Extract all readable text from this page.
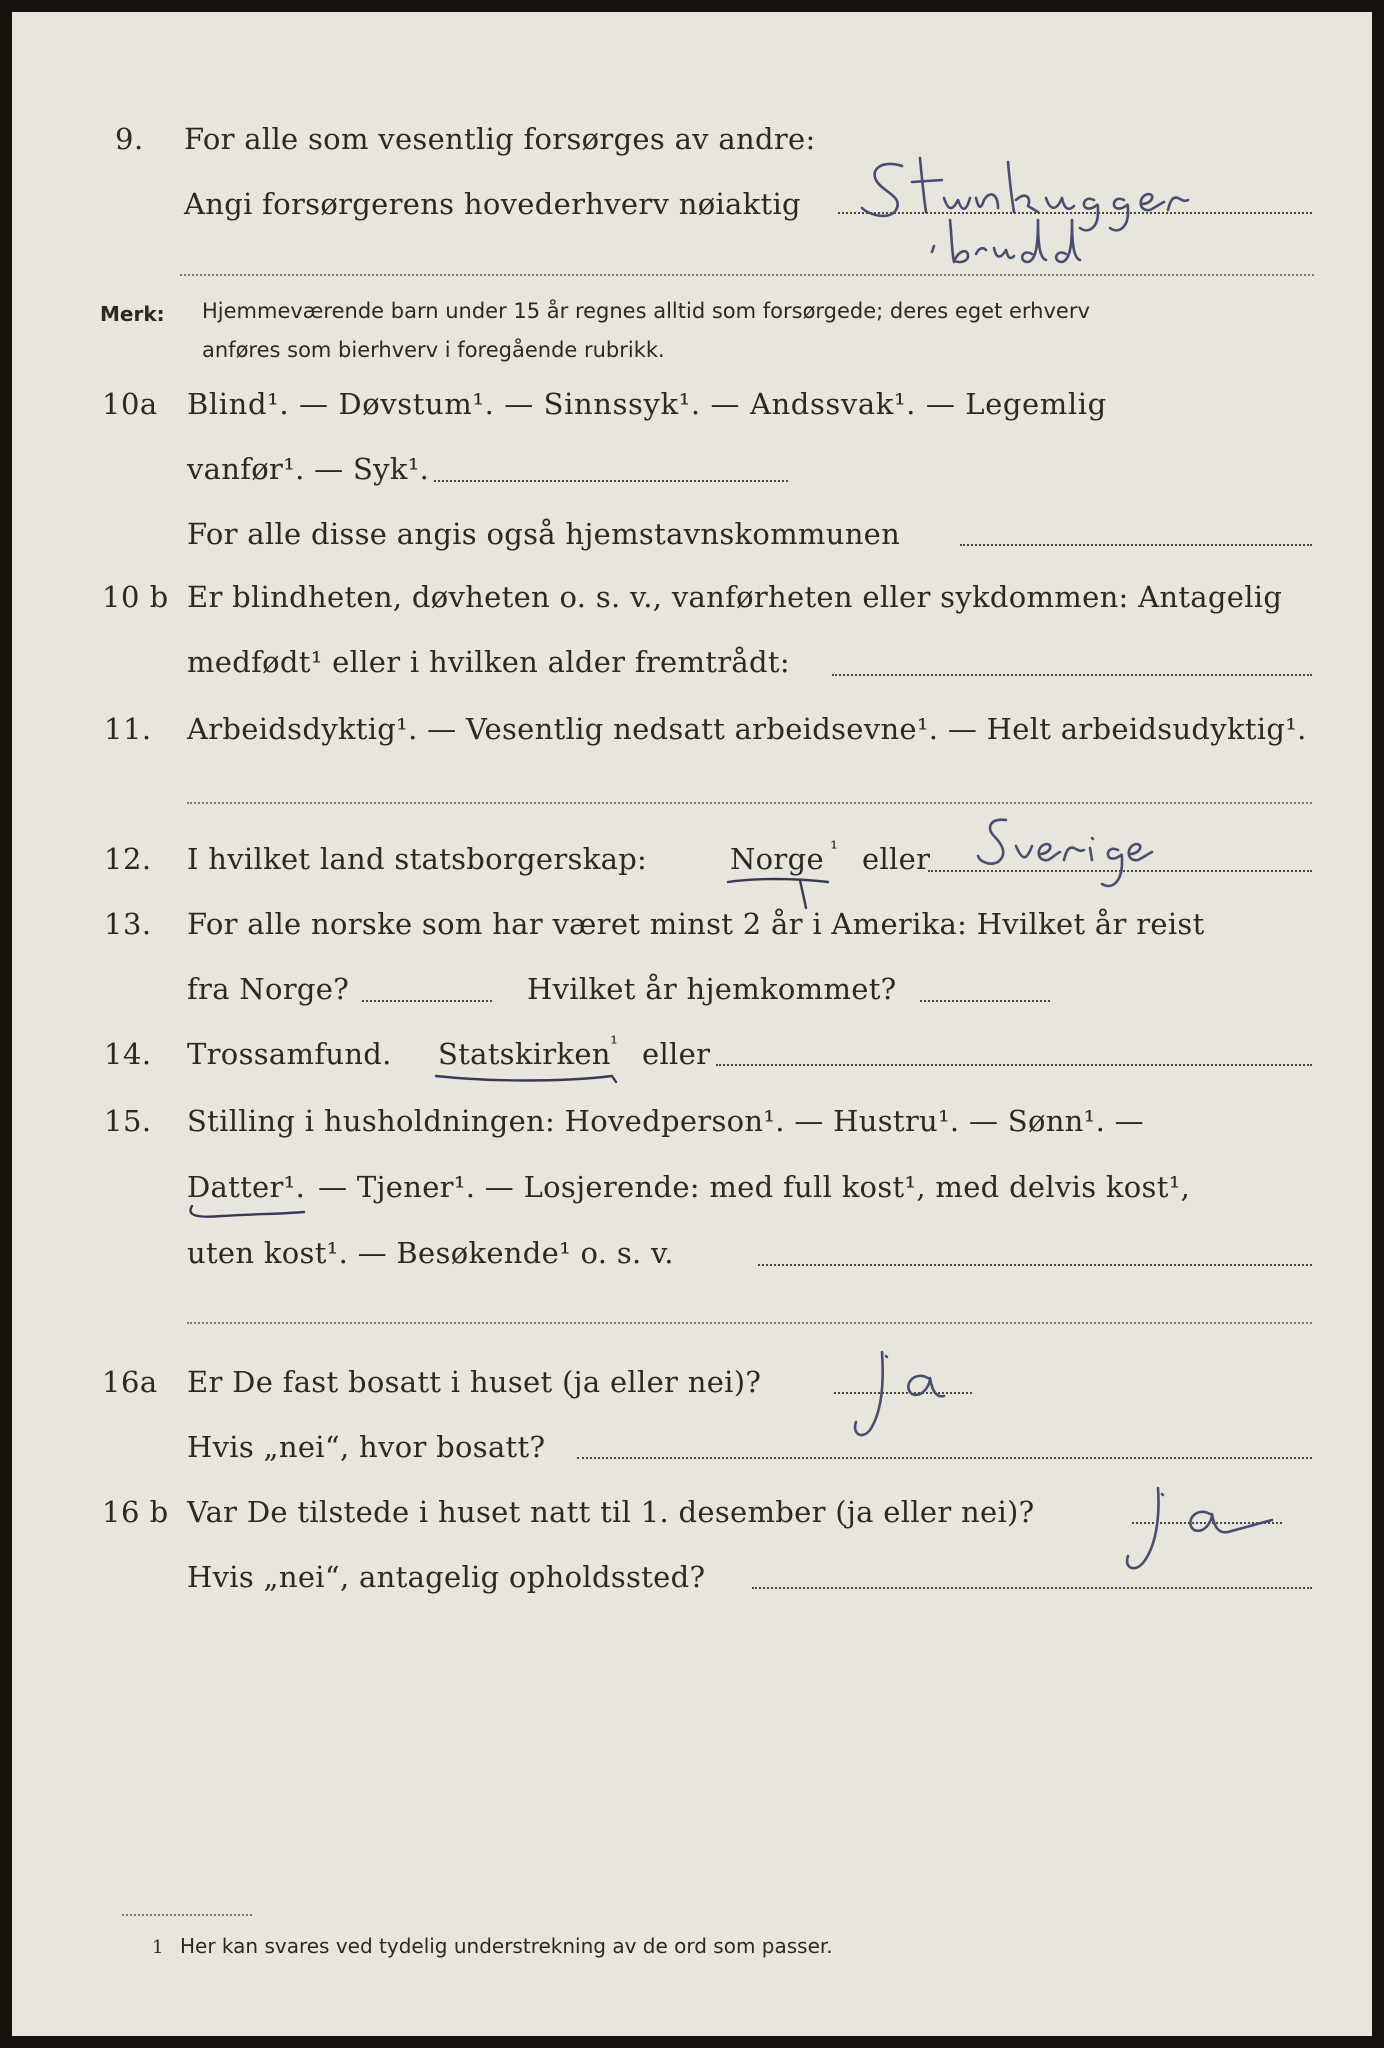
9. For alle som vesentlig forsørges av andre:
Angi forsørgerens hovederhverv nøiaktig
Merk: Hjemmeværende barn under 15 år regnes alltid som forsørgede; deres eget erhverv
anføres som bierhverv i foregående rubrikk.
10a Blind¹. — Døvstum¹. — Sinnssyk¹. — Andssvak¹. — Legemlig
vanfør¹. — Syk¹.
For alle disse angis også hjemstavnskommunen
10 b Er blindheten, døvheten o. s. v., vanførheten eller sykdommen: Antagelig
medfødt¹ eller i hvilken alder fremtrådt:
11. Arbeidsdyktig¹. — Vesentlig nedsatt arbeidsevne¹. — Helt arbeidsudyktig¹.
12. I hvilket land statsborgerskap:	Norge ¹ eller
13. For alle norske som har været minst 2 år i Amerika: Hvilket år reist
fra Norge?	Hvilket år hjemkommet?
14. Trossamfund. Statskirken ¹ eller
15. Stilling i husholdningen: Hovedperson¹. — Hustru¹. — Sønn¹. —
Datter¹. — Tjener¹. — Losjerende: med full kost¹, med delvis kost¹,
uten kost¹. — Besøkende¹ o. s. v.
16a Er De fast bosatt i huset (ja eller nei)?
Hvis „nei“, hvor bosatt?
16 b Var De tilstede i huset natt til 1. desember (ja eller nei)?
Hvis „nei“, antagelig opholdssted?
1 Her kan svares ved tydelig understrekning av de ord som passer.
